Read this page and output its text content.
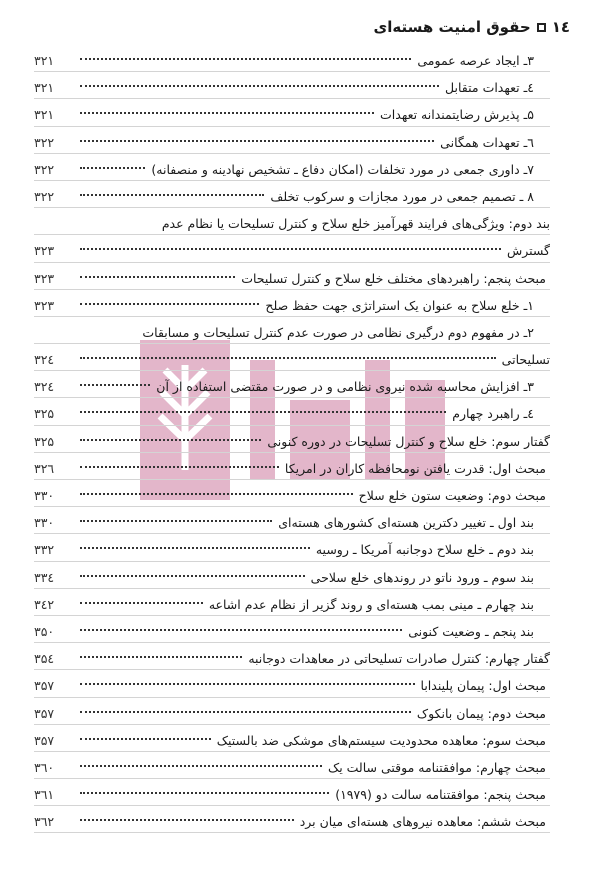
١٤
حقوق امنیت هسته‌ای
۳ـ ایجاد عرصه عمومی
۳۲۱
٤ـ تعهدات متقابل
۳۲۱
۵ـ پذیرش رضایتمندانه تعهدات
۳۲۱
٦ـ تعهدات همگانی
۳۲۲
۷ـ داوری جمعی در مورد تخلفات (امکان دفاع ـ تشخیص نهادینه و منصفانه)
۳۲۲
۸ ـ تصمیم جمعی در مورد مجازات و سرکوب تخلف
۳۲۲
بند دوم: ویژگی‌های فرایند قهرآمیز خلع سلاح و کنترل تسلیحات یا نظام عدم
گسترش
۳۲۳
مبحث پنجم: راهبردهای مختلف خلع سلاح و کنترل تسلیحات
۳۲۳
۱ـ خلع سلاح به عنوان یک استراتژی جهت حفظ صلح
۳۲۳
۲ـ در مفهوم دوم درگیری نظامی در صورت عدم کنترل تسلیحات و مسابقات
تسلیحاتی
۳۲٤
۳ـ افزایش محاسبه شده نیروی نظامی و در صورت مقتضی استفاده از آن
۳۲٤
٤ـ راهبرد چهارم
۳۲۵
گفتار سوم: خلع سلاح و کنترل تسلیحات در دوره کنونی
۳۲۵
مبحث اول: قدرت یافتن نومحافظه کاران در امریکا
۳۲٦
مبحث دوم: وضعیت ستون خلع سلاح
۳۳۰
بند اول ـ تغییر دکترین هسته‌ای کشورهای هسته‌ای
۳۳۰
بند دوم ـ خلع سلاح دوجانبه آمریکا ـ روسیه
۳۳۲
بند سوم ـ ورود ناتو در روندهای خلع سلاحی
۳۳٤
بند چهارم ـ مینی بمب هسته‌ای و روند گزیر از نظام عدم اشاعه
۳٤۲
بند پنجم ـ وضعیت کنونی
۳۵۰
گفتار چهارم: کنترل صادرات تسلیحاتی در معاهدات دوجانبه
۳۵٤
مبحث اول: پیمان پلیندابا
۳۵۷
مبحث دوم: پیمان بانکوک
۳۵۷
مبحث سوم: معاهده محدودیت سیستم‌های موشکی ضد بالستیک
۳۵۷
مبحث چهارم: موافقتنامه موقتی سالت یک
۳٦۰
مبحث پنجم: موافقتنامه سالت دو (۱۹۷۹)
۳٦۱
مبحث ششم: معاهده نیروهای هسته‌ای میان برد
۳٦۲
